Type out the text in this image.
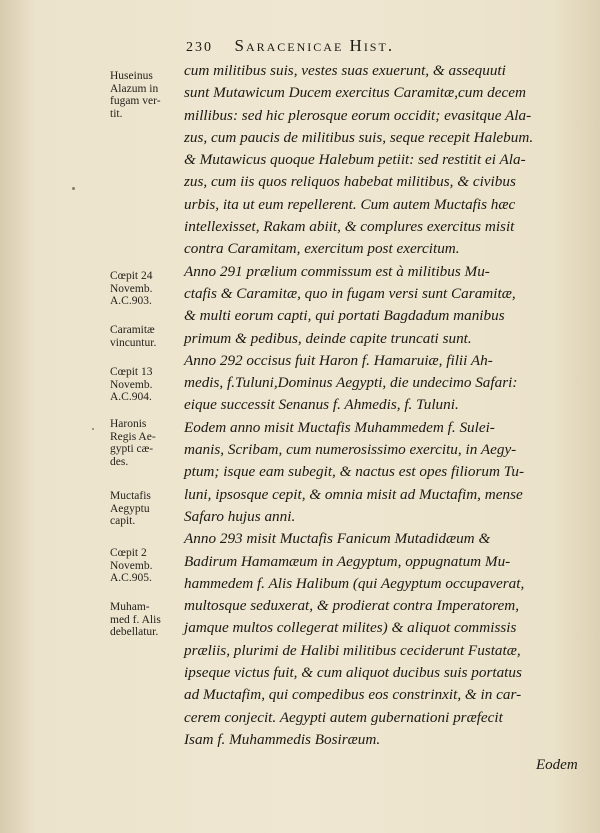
230 Saracenicae Hist.
Huseinus
Alazum in
fugam ver-
tit.
Cœpit 24
Novemb.
A.C.903.
Caramitæ
vincuntur.
Cœpit 13
Novemb.
A.C.904.
Haronis
Regis Ae-
gypti cæ-
des.
Muctafis
Aegyptu
capit.
Cœpit 2
Novemb.
A.C.905.
Muham-
med f. Alis
debellatur.
cum militibus suis, vestes suas exuerunt, & assequuti
sunt Mutawicum Ducem exercitus Caramitæ,cum decem
millibus: sed hic plerosque eorum occidit; evasitque Ala-
zus, cum paucis de militibus suis, seque recepit Halebum.
& Mutawicus quoque Halebum petiit: sed restitit ei Ala-
zus, cum iis quos reliquos habebat militibus, & civibus
urbis, ita ut eum repellerent. Cum autem Muctafis hæc
intellexisset, Rakam abiit, & complures exercitus misit
contra Caramitam, exercitum post exercitum.
Anno 291 prælium commissum est à militibus Mu-
ctafis & Caramitæ, quo in fugam versi sunt Caramitæ,
& multi eorum capti, qui portati Bagdadum manibus
primum & pedibus, deinde capite truncati sunt.
Anno 292 occisus fuit Haron f. Hamaruiæ, filii Ah-
medis, f.Tuluni,Dominus Aegypti, die undecimo Safari:
eique successit Senanus f. Ahmedis, f. Tuluni.
Eodem anno misit Muctafis Muhammedem f. Sulei-
manis, Scribam, cum numerosissimo exercitu, in Aegy-
ptum; isque eam subegit, & nactus est opes filiorum Tu-
luni, ipsosque cepit, & omnia misit ad Muctafim, mense
Safaro hujus anni.
Anno 293 misit Muctafis Fanicum Mutadidæum &
Badirum Hamamæum in Aegyptum, oppugnatum Mu-
hammedem f. Alis Halibum (qui Aegyptum occupaverat,
multosque seduxerat, & prodierat contra Imperatorem,
jamque multos collegerat milites) & aliquot commissis
præliis, plurimi de Halibi militibus ceciderunt Fustatæ,
ipseque victus fuit, & cum aliquot ducibus suis portatus
ad Muctafim, qui compedibus eos constrinxit, & in car-
cerem conjecit. Aegypti autem gubernationi præfecit
Isam f. Muhammedis Bosiræum.
Eodem
